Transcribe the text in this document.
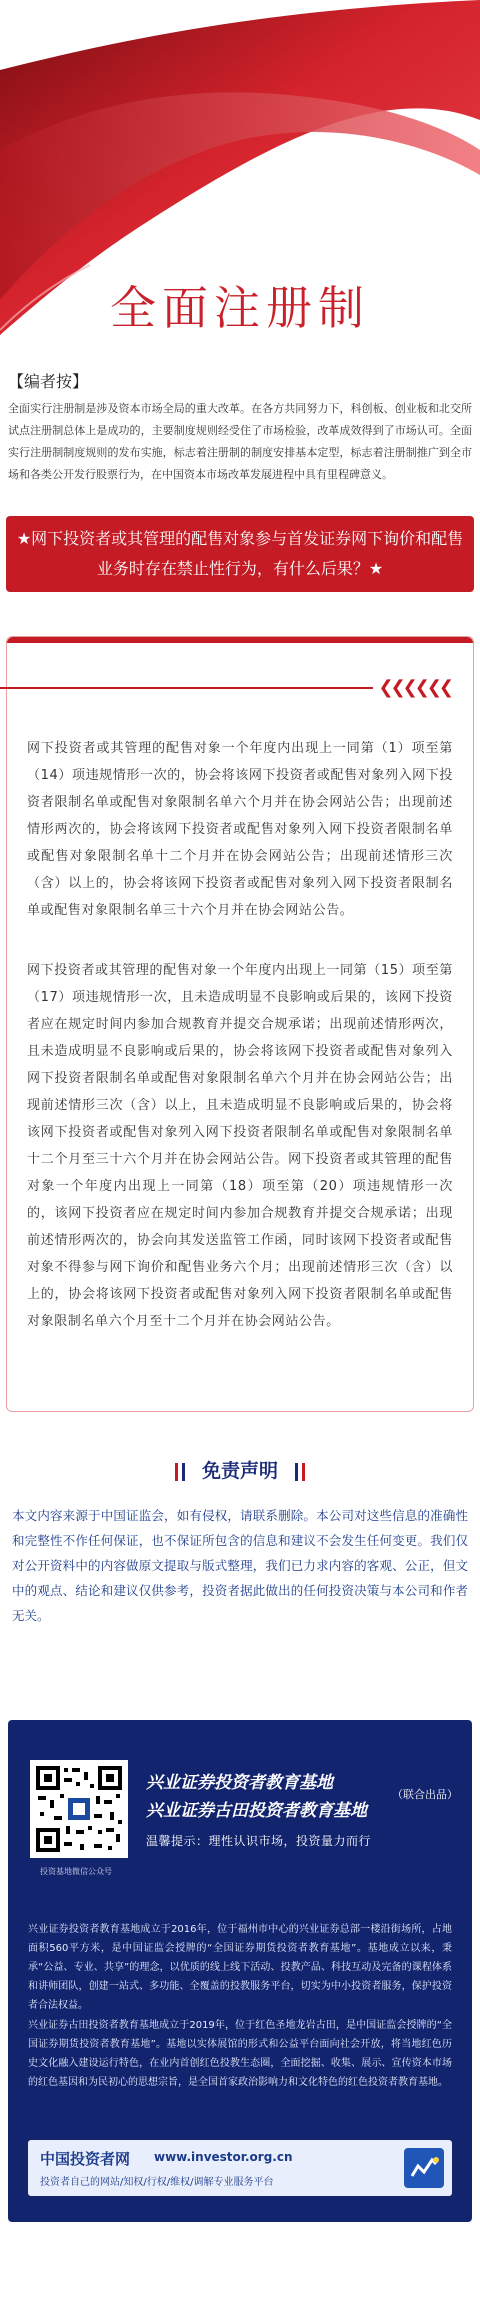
全面注册制

【编者按】

全面实行注册制是涉及资本市场全局的重大改革。在各方共同努力下，科创板、创业板和北交所试点注册制总体上是成功的，主要制度规则经受住了市场检验，改革成效得到了市场认可。全面实行注册制制度规则的发布实施，标志着注册制的制度安排基本定型，标志着注册制推广到全市场和各类公开发行股票行为，在中国资本市场改革发展进程中具有里程碑意义。

★网下投资者或其管理的配售对象参与首发证券网下询价和配售业务时存在禁止性行为，有什么后果？★
❮❮❮❮❮❮

网下投资者或其管理的配售对象一个年度内出现上一同第（1）项至第（14）项违规情形一次的，协会将该网下投资者或配售对象列入网下投资者限制名单或配售对象限制名单六个月并在协会网站公告；出现前述情形两次的，协会将该网下投资者或配售对象列入网下投资者限制名单或配售对象限制名单十二个月并在协会网站公告；出现前述情形三次（含）以上的，协会将该网下投资者或配售对象列入网下投资者限制名单或配售对象限制名单三十六个月并在协会网站公告。

网下投资者或其管理的配售对象一个年度内出现上一同第（15）项至第（17）项违规情形一次，且未造成明显不良影响或后果的，该网下投资者应在规定时间内参加合规教育并提交合规承诺；出现前述情形两次，且未造成明显不良影响或后果的，协会将该网下投资者或配售对象列入网下投资者限制名单或配售对象限制名单六个月并在协会网站公告；出现前述情形三次（含）以上，且未造成明显不良影响或后果的，协会将该网下投资者或配售对象列入网下投资者限制名单或配售对象限制名单十二个月至三十六个月并在协会网站公告。网下投资者或其管理的配售对象一个年度内出现上一同第（18）项至第（20）项违规情形一次的，该网下投资者应在规定时间内参加合规教育并提交合规承诺；出现前述情形两次的，协会向其发送监管工作函，同时该网下投资者或配售对象不得参与网下询价和配售业务六个月；出现前述情形三次（含）以上的，协会将该网下投资者或配售对象列入网下投资者限制名单或配售对象限制名单六个月至十二个月并在协会网站公告。

免责声明
本文内容来源于中国证监会，如有侵权，请联系删除。本公司对这些信息的准确性和完整性不作任何保证，也不保证所包含的信息和建议不会发生任何变更。我们仅对公开资料中的内容做原文提取与版式整理，我们已力求内容的客观、公正，但文中的观点、结论和建议仅供参考，投资者据此做出的任何投资决策与本公司和作者无关。
投资基地微信公众号
兴业证券投资者教育基地
兴业证券古田投资者教育基地
（联合出品）
温馨提示：理性认识市场，投资量力而行
兴业证券投资者教育基地成立于2016年，位于福州市中心的兴业证券总部一楼沿街场所，占地面积560平方米，是中国证监会授牌的“全国证券期货投资者教育基地”。基地成立以来，秉承“公益、专业、共享”的理念，以优质的线上线下活动、投教产品、科技互动及完备的课程体系和讲师团队，创建一站式、多功能、全覆盖的投教服务平台，切实为中小投资者服务，保护投资者合法权益。
兴业证券古田投资者教育基地成立于2019年，位于红色圣地龙岩古田，是中国证监会授牌的“全国证券期货投资者教育基地”。基地以实体展馆的形式和公益平台面向社会开放，将当地红色历史文化融入建设运行特色，在业内首创红色投教生态圈，全面挖掘、收集、展示、宣传资本市场的红色基因和为民初心的思想宗旨，是全国首家政治影响力和文化特色的红色投资者教育基地。
中国投资者网 www.investor.org.cn
投资者自己的网站/知权/行权/维权/调解专业服务平台
